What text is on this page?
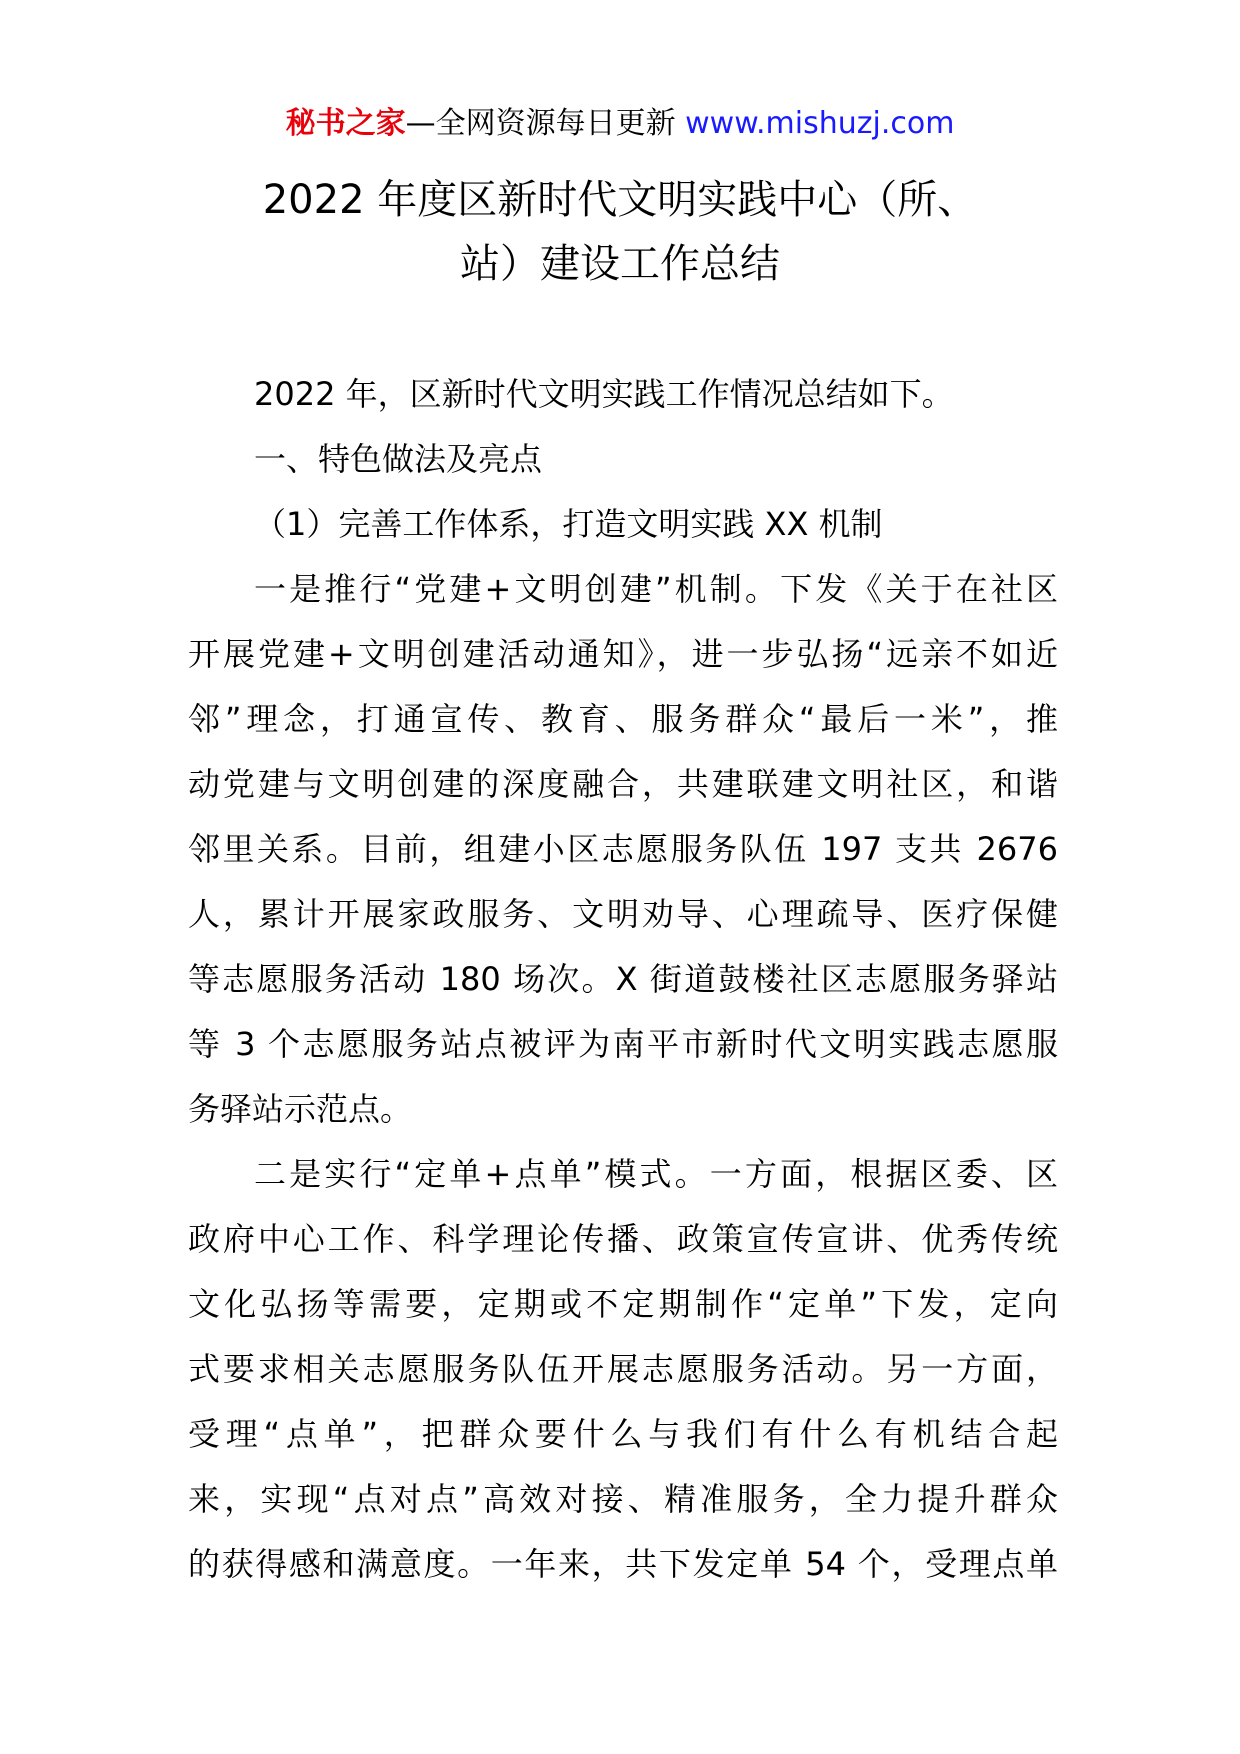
秘书之家—全网资源每日更新 www.mishuzj.com
2022 年度区新时代文明实践中心（所、
站）建设工作总结

2022 年，区新时代文明实践工作情况总结如下。

一、特色做法及亮点

（1）完善工作体系，打造文明实践 XX 机制

一是推行“党建+文明创建”机制。下发《关于在社区
开展党建+文明创建活动通知》，进一步弘扬“远亲不如近
邻”理念，打通宣传、教育、服务群众“最后一米”，推
动党建与文明创建的深度融合，共建联建文明社区，和谐
邻里关系。目前，组建小区志愿服务队伍 197 支共 2676
人，累计开展家政服务、文明劝导、心理疏导、医疗保健
等志愿服务活动 180 场次。X 街道鼓楼社区志愿服务驿站
等 3 个志愿服务站点被评为南平市新时代文明实践志愿服
务驿站示范点。
二是实行“定单+点单”模式。一方面，根据区委、区
政府中心工作、科学理论传播、政策宣传宣讲、优秀传统
文化弘扬等需要，定期或不定期制作“定单”下发，定向
式要求相关志愿服务队伍开展志愿服务活动。另一方面，
受理“点单”，把群众要什么与我们有什么有机结合起
来，实现“点对点”高效对接、精准服务，全力提升群众
的获得感和满意度。一年来，共下发定单 54 个，受理点单
